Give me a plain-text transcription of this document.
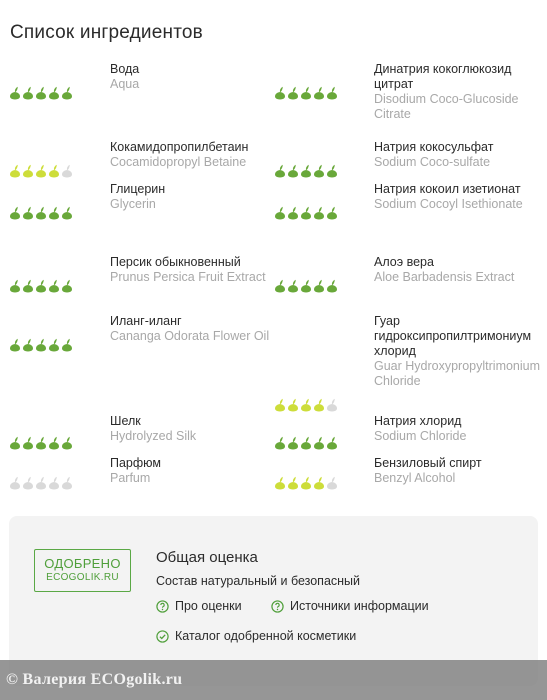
Список ингредиентов
Вода
Aqua
Динатрия кокоглюкозид цитрат
Disodium Coco-Glucoside Citrate
Кокамидопропилбетаин
Cocamidopropyl Betaine
Натрия кокосульфат
Sodium Coco-sulfate
Глицерин
Glycerin
Натрия кокоил изетионат
Sodium Cocoyl Isethionate
Персик обыкновенный
Prunus Persica Fruit Extract
Алоэ вера
Aloe Barbadensis Extract
Иланг-иланг
Cananga Odorata Flower Oil
Гуар гидроксипропилтримониум хлорид
Guar Hydroxypropyltrimonium Chloride
Шелк
Hydrolyzed Silk
Натрия хлорид
Sodium Chloride
Парфюм
Parfum
Бензиловый спирт
Benzyl Alcohol
ОДОБРЕНО
ECOGOLIK.RU
Общая оценка
Состав натуральный и безопасный
Про оценки	Источники информации
Каталог одобренной косметики
© Валерия ECOgolik.ru
